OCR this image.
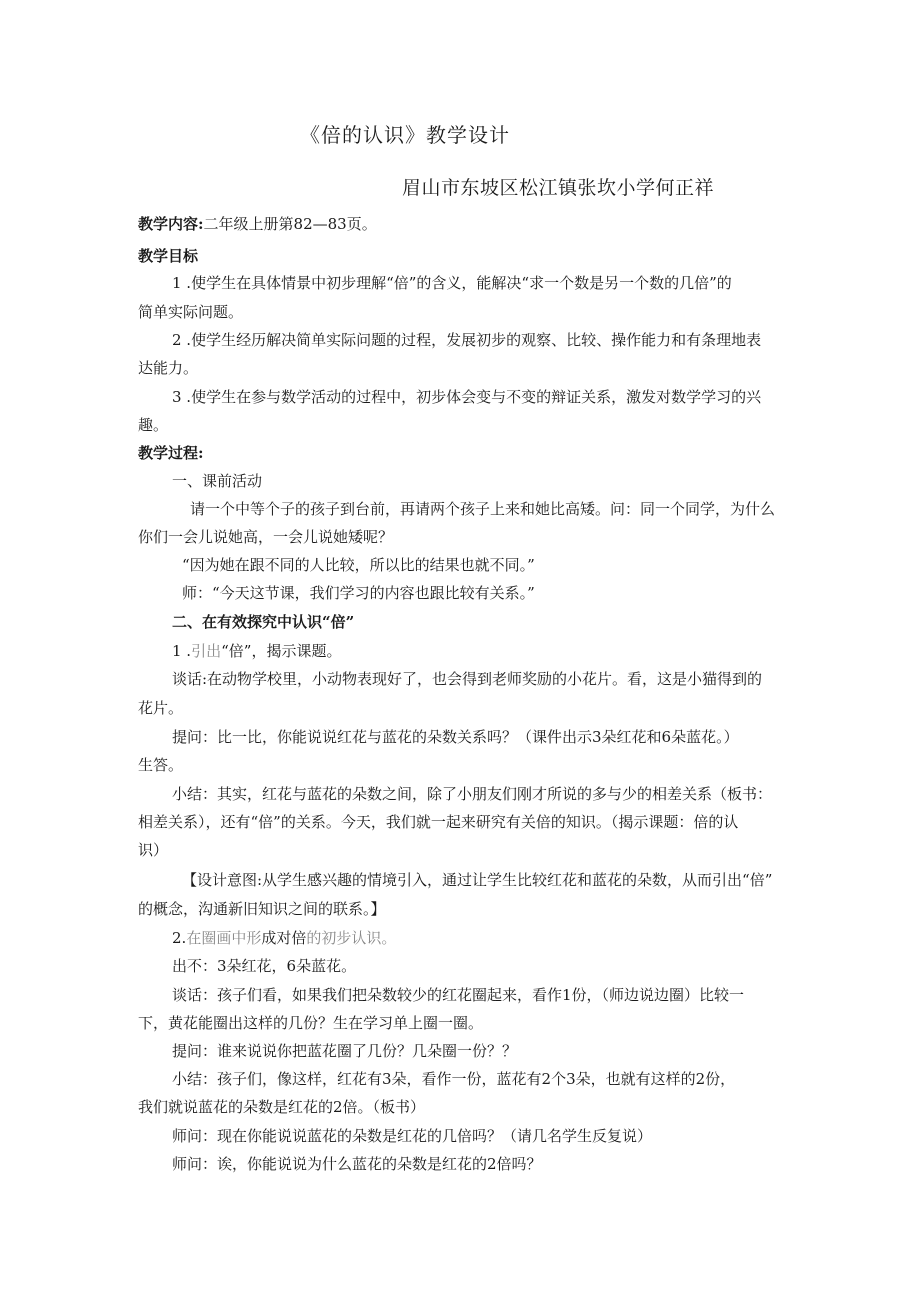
《倍的认识》教学设计
眉山市东坡区松江镇张坎小学何正祥
教学内容:二年级上册第82—83页。
教学目标
1 .使学生在具体情景中初步理解“倍”的含义，能解决“求一个数是另一个数的几倍”的
简单实际问题。
2 .使学生经历解决简单实际问题的过程，发展初步的观察、比较、操作能力和有条理地表
达能力。
3 .使学生在参与数学活动的过程中，初步体会变与不变的辩证关系，激发对数学学习的兴
趣。
教学过程:
一、课前活动
请一个中等个子的孩子到台前，再请两个孩子上来和她比高矮。问：同一个同学，为什么
你们一会儿说她高，一会儿说她矮呢？
“因为她在跟不同的人比较，所以比的结果也就不同。”
师：“今天这节课，我们学习的内容也跟比较有关系。”
二、在有效探究中认识“倍”
1 .引出“倍”，揭示课题。
谈话:在动物学校里，小动物表现好了，也会得到老师奖励的小花片。看，这是小猫得到的
花片。
提问：比一比，你能说说红花与蓝花的朵数关系吗？（课件出示3朵红花和6朵蓝花。）
生答。
小结：其实，红花与蓝花的朵数之间，除了小朋友们刚才所说的多与少的相差关系（板书：
相差关系），还有“倍”的关系。今天，我们就一起来研究有关倍的知识。（揭示课题：倍的认
识）
【设计意图:从学生感兴趣的情境引入，通过让学生比较红花和蓝花的朵数，从而引出“倍”
的概念，沟通新旧知识之间的联系。】
2.在圈画中形成对倍的初步认识。
出不：3朵红花，6朵蓝花。
谈话：孩子们看，如果我们把朵数较少的红花圈起来，看作1份，（师边说边圈）比较一
下，黄花能圈出这样的几份？生在学习单上圈一圈。
提问：谁来说说你把蓝花圈了几份？几朵圈一份？？
小结：孩子们，像这样，红花有3朵，看作一份，蓝花有2个3朵，也就有这样的2份，
我们就说蓝花的朵数是红花的2倍。（板书）
师问：现在你能说说蓝花的朵数是红花的几倍吗？（请几名学生反复说）
师问：诶，你能说说为什么蓝花的朵数是红花的2倍吗？
